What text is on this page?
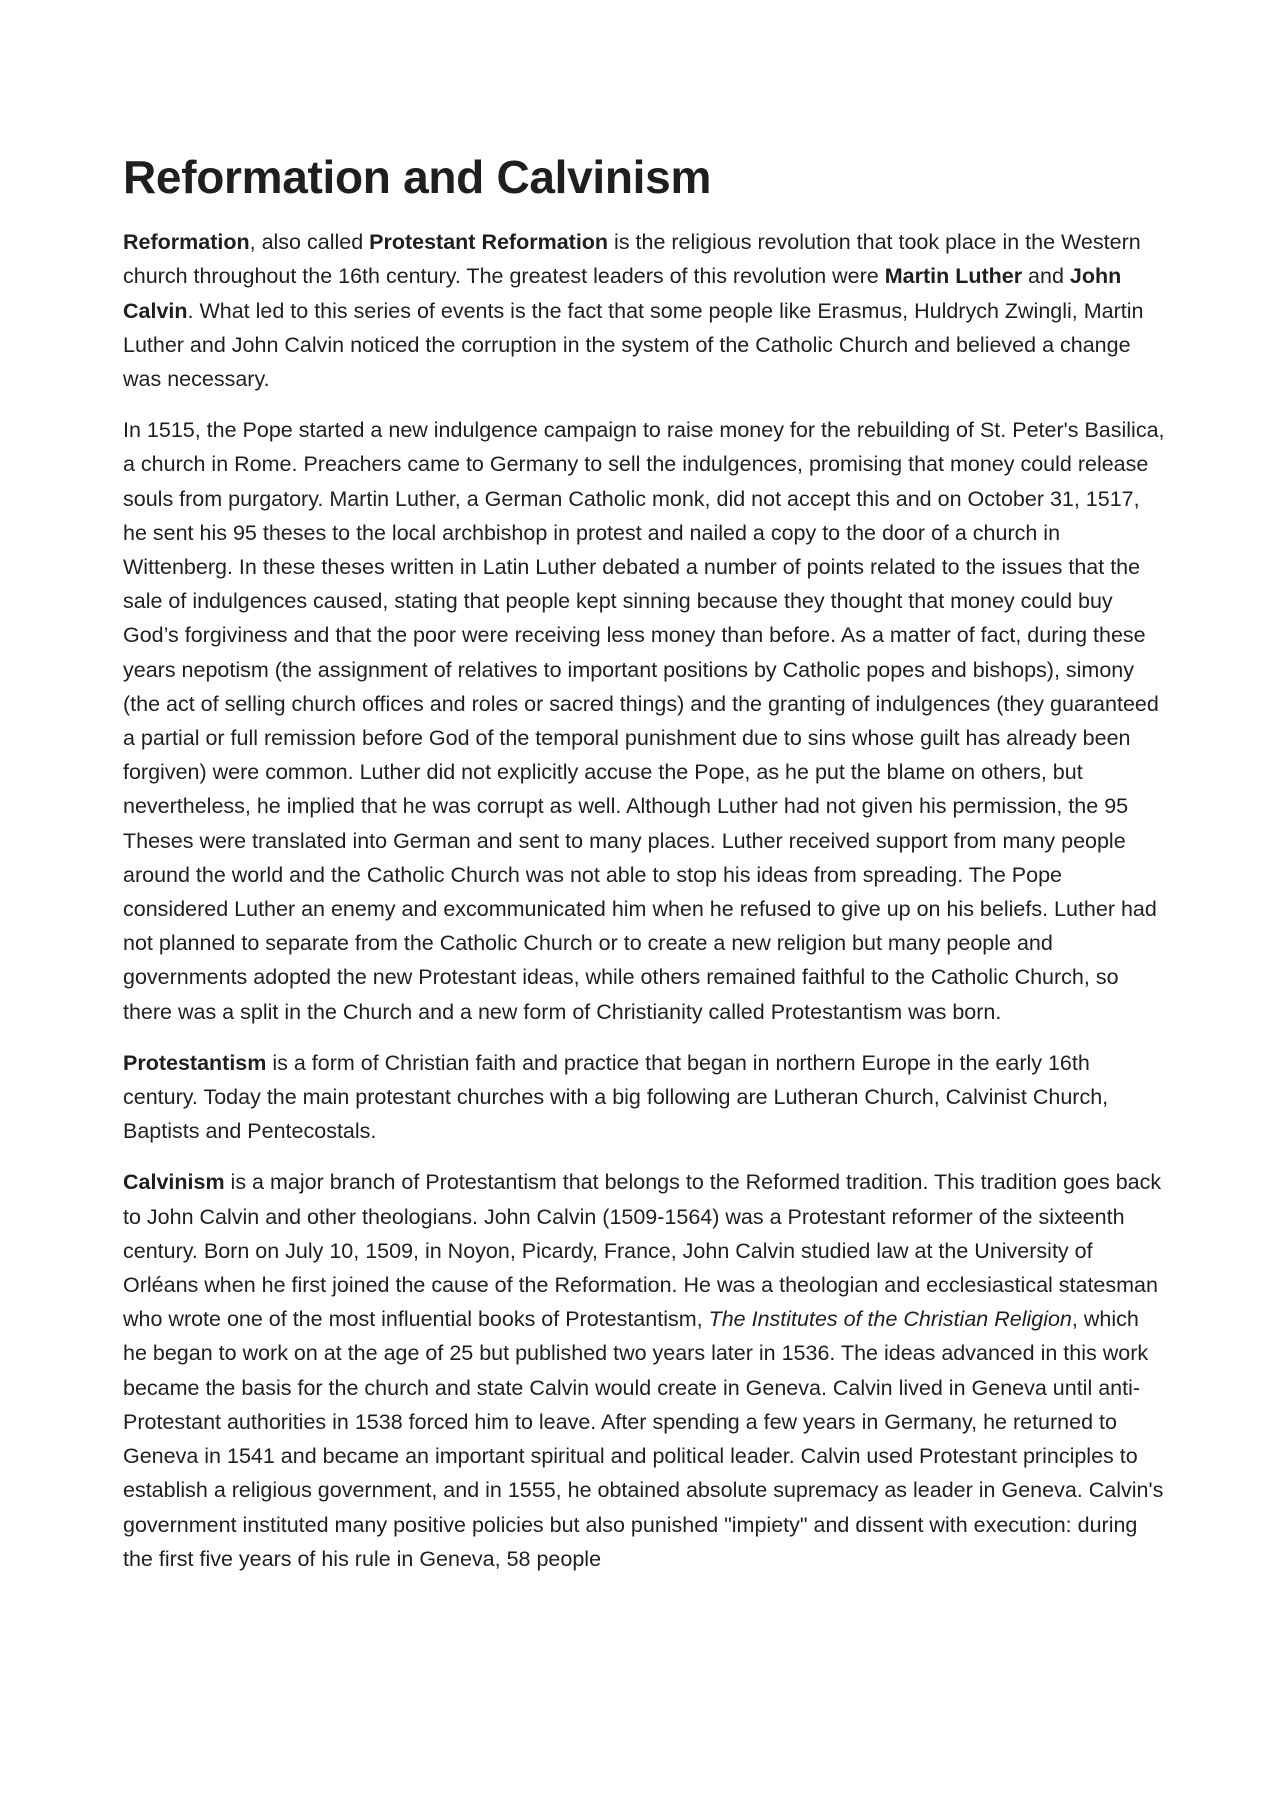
Reformation and Calvinism

Reformation, also called Protestant Reformation is the religious revolution that took place in the Western church throughout the 16th century. The greatest leaders of this revolution were Martin Luther and John Calvin. What led to this series of events is the fact that some people like Erasmus, Huldrych Zwingli, Martin Luther and John Calvin noticed the corruption in the system of the Catholic Church and believed a change was necessary.

In 1515, the Pope started a new indulgence campaign to raise money for the rebuilding of St. Peter's Basilica, a church in Rome. Preachers came to Germany to sell the indulgences, promising that money could release souls from purgatory. Martin Luther, a German Catholic monk, did not accept this and on October 31, 1517, he sent his 95 theses to the local archbishop in protest and nailed a copy to the door of a church in Wittenberg. In these theses written in Latin Luther debated a number of points related to the issues that the sale of indulgences caused, stating that people kept sinning because they thought that money could buy God’s forgiviness and that the poor were receiving less money than before. As a matter of fact, during these years nepotism (the assignment of relatives to important positions by Catholic popes and bishops), simony (the act of selling church offices and roles or sacred things) and the granting of indulgences (they guaranteed a partial or full remission before God of the temporal punishment due to sins whose guilt has already been forgiven) were common. Luther did not explicitly accuse the Pope, as he put the blame on others, but nevertheless, he implied that he was corrupt as well. Although Luther had not given his permission, the 95 Theses were translated into German and sent to many places. Luther received support from many people around the world and the Catholic Church was not able to stop his ideas from spreading. The Pope considered Luther an enemy and excommunicated him when he refused to give up on his beliefs. Luther had not planned to separate from the Catholic Church or to create a new religion but many people and governments adopted the new Protestant ideas, while others remained faithful to the Catholic Church, so there was a split in the Church and a new form of Christianity called Protestantism was born.

Protestantism is a form of Christian faith and practice that began in northern Europe in the early 16th century. Today the main protestant churches with a big following are Lutheran Church, Calvinist Church, Baptists and Pentecostals.

Calvinism is a major branch of Protestantism that belongs to the Reformed tradition. This tradition goes back to John Calvin and other theologians. John Calvin (1509-1564) was a Protestant reformer of the sixteenth century. Born on July 10, 1509, in Noyon, Picardy, France, John Calvin studied law at the University of Orléans when he first joined the cause of the Reformation. He was a theologian and ecclesiastical statesman who wrote one of the most influential books of Protestantism, The Institutes of the Christian Religion, which he began to work on at the age of 25 but published two years later in 1536. The ideas advanced in this work became the basis for the church and state Calvin would create in Geneva. Calvin lived in Geneva until anti-Protestant authorities in 1538 forced him to leave. After spending a few years in Germany, he returned to Geneva in 1541 and became an important spiritual and political leader. Calvin used Protestant principles to establish a religious government, and in 1555, he obtained absolute supremacy as leader in Geneva. Calvin's government instituted many positive policies but also punished "impiety" and dissent with execution: during the first five years of his rule in Geneva, 58 people
